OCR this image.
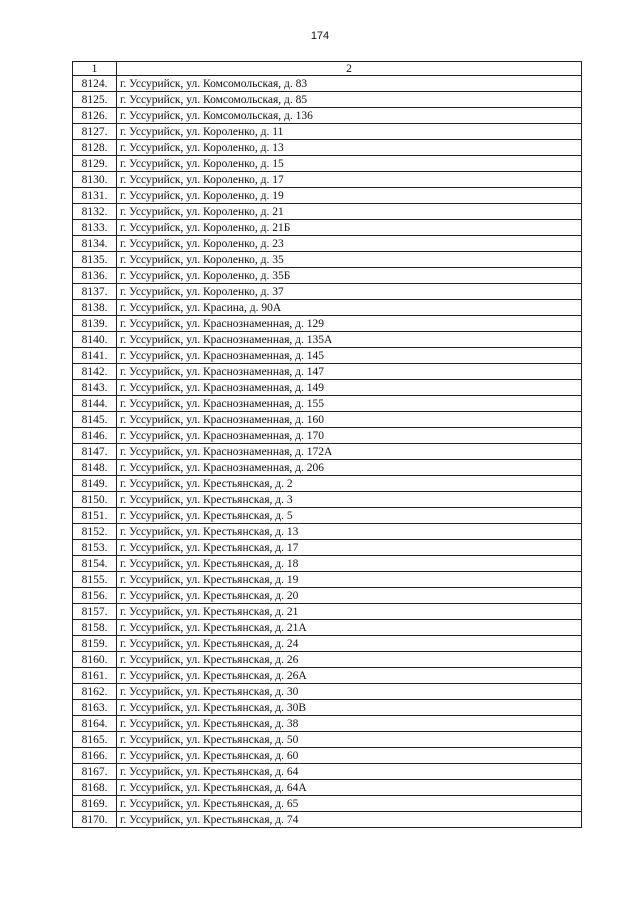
174
1	2
8124.	г. Уссурийск, ул. Комсомольская, д. 83
8125.	г. Уссурийск, ул. Комсомольская, д. 85
8126.	г. Уссурийск, ул. Комсомольская, д. 136
8127.	г. Уссурийск, ул. Короленко, д. 11
8128.	г. Уссурийск, ул. Короленко, д. 13
8129.	г. Уссурийск, ул. Короленко, д. 15
8130.	г. Уссурийск, ул. Короленко, д. 17
8131.	г. Уссурийск, ул. Короленко, д. 19
8132.	г. Уссурийск, ул. Короленко, д. 21
8133.	г. Уссурийск, ул. Короленко, д. 21Б
8134.	г. Уссурийск, ул. Короленко, д. 23
8135.	г. Уссурийск, ул. Короленко, д. 35
8136.	г. Уссурийск, ул. Короленко, д. 35Б
8137.	г. Уссурийск, ул. Короленко, д. 37
8138.	г. Уссурийск, ул. Красина, д. 90А
8139.	г. Уссурийск, ул. Краснознаменная, д. 129
8140.	г. Уссурийск, ул. Краснознаменная, д. 135А
8141.	г. Уссурийск, ул. Краснознаменная, д. 145
8142.	г. Уссурийск, ул. Краснознаменная, д. 147
8143.	г. Уссурийск, ул. Краснознаменная, д. 149
8144.	г. Уссурийск, ул. Краснознаменная, д. 155
8145.	г. Уссурийск, ул. Краснознаменная, д. 160
8146.	г. Уссурийск, ул. Краснознаменная, д. 170
8147.	г. Уссурийск, ул. Краснознаменная, д. 172А
8148.	г. Уссурийск, ул. Краснознаменная, д. 206
8149.	г. Уссурийск, ул. Крестьянская, д. 2
8150.	г. Уссурийск, ул. Крестьянская, д. 3
8151.	г. Уссурийск, ул. Крестьянская, д. 5
8152.	г. Уссурийск, ул. Крестьянская, д. 13
8153.	г. Уссурийск, ул. Крестьянская, д. 17
8154.	г. Уссурийск, ул. Крестьянская, д. 18
8155.	г. Уссурийск, ул. Крестьянская, д. 19
8156.	г. Уссурийск, ул. Крестьянская, д. 20
8157.	г. Уссурийск, ул. Крестьянская, д. 21
8158.	г. Уссурийск, ул. Крестьянская, д. 21А
8159.	г. Уссурийск, ул. Крестьянская, д. 24
8160.	г. Уссурийск, ул. Крестьянская, д. 26
8161.	г. Уссурийск, ул. Крестьянская, д. 26А
8162.	г. Уссурийск, ул. Крестьянская, д. 30
8163.	г. Уссурийск, ул. Крестьянская, д. 30В
8164.	г. Уссурийск, ул. Крестьянская, д. 38
8165.	г. Уссурийск, ул. Крестьянская, д. 50
8166.	г. Уссурийск, ул. Крестьянская, д. 60
8167.	г. Уссурийск, ул. Крестьянская, д. 64
8168.	г. Уссурийск, ул. Крестьянская, д. 64А
8169.	г. Уссурийск, ул. Крестьянская, д. 65
8170.	г. Уссурийск, ул. Крестьянская, д. 74
